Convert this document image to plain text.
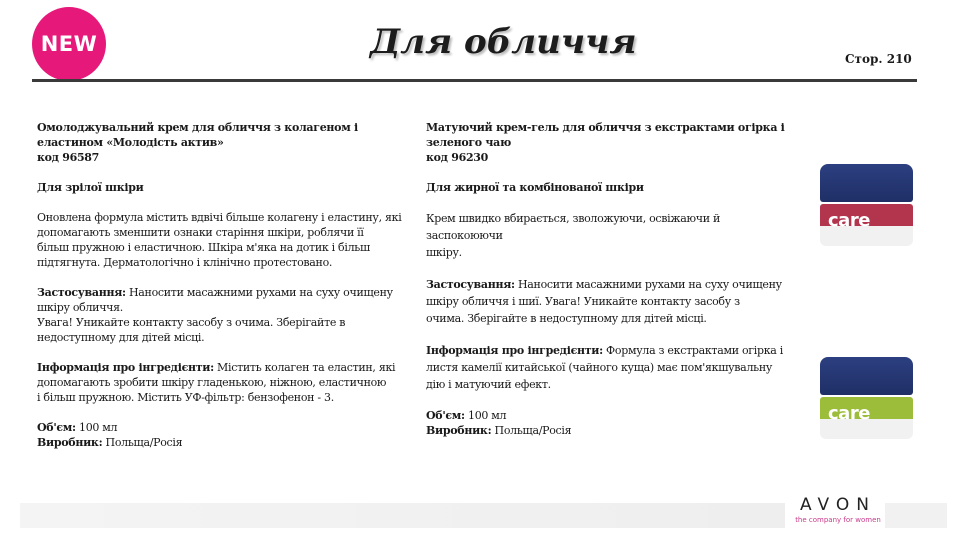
NEW	Для обличчя	Стор. 210

Омолоджувальний крем для обличчя з колагеном і еластином «Молодість актив»

код 96587

Для зрілої шкіри

Оновлена формула містить вдвічі більше колагену і еластину, які

допомагають зменшити ознаки старіння шкіри, роблячи її

більш пружною і еластичною. Шкіра м'яка на дотик і більш

підтягнута. Дерматологічно і клінічно протестовано.

Застосування: Наносити масажними рухами на суху очищену

шкіру обличчя.

Увага! Уникайте контакту засобу з очима. Зберігайте в

недоступному для дітей місці.

Інформація про інгредієнти: Містить колаген та еластин, які

допомагають зробити шкіру гладенькою, ніжною, еластичною

і більш пружною. Містить УФ-фільтр: бензофенон - 3.

Об'єм: 100 мл

Виробник: Польща/Росія

Матуючий крем-гель для обличчя з екстрактами огірка і зеленого чаю

код 96230

Для жирної та комбінованої шкіри

Крем швидко вбирається, зволожуючи, освіжаючи й заспокоюючи

шкіру.

Застосування: Наносити масажними рухами на суху очищену

шкіру обличчя і шиї. Увага! Уникайте контакту засобу з

очима. Зберігайте в недоступному для дітей місці.

Інформація про інгредієнти: Формула з екстрактами огірка і

листя камелії китайської (чайного куща) має пом'якшувальну

дію і матуючий ефект.

Об'єм: 100 мл

Виробник: Польща/Росія

care
care
AVON
the company for women
